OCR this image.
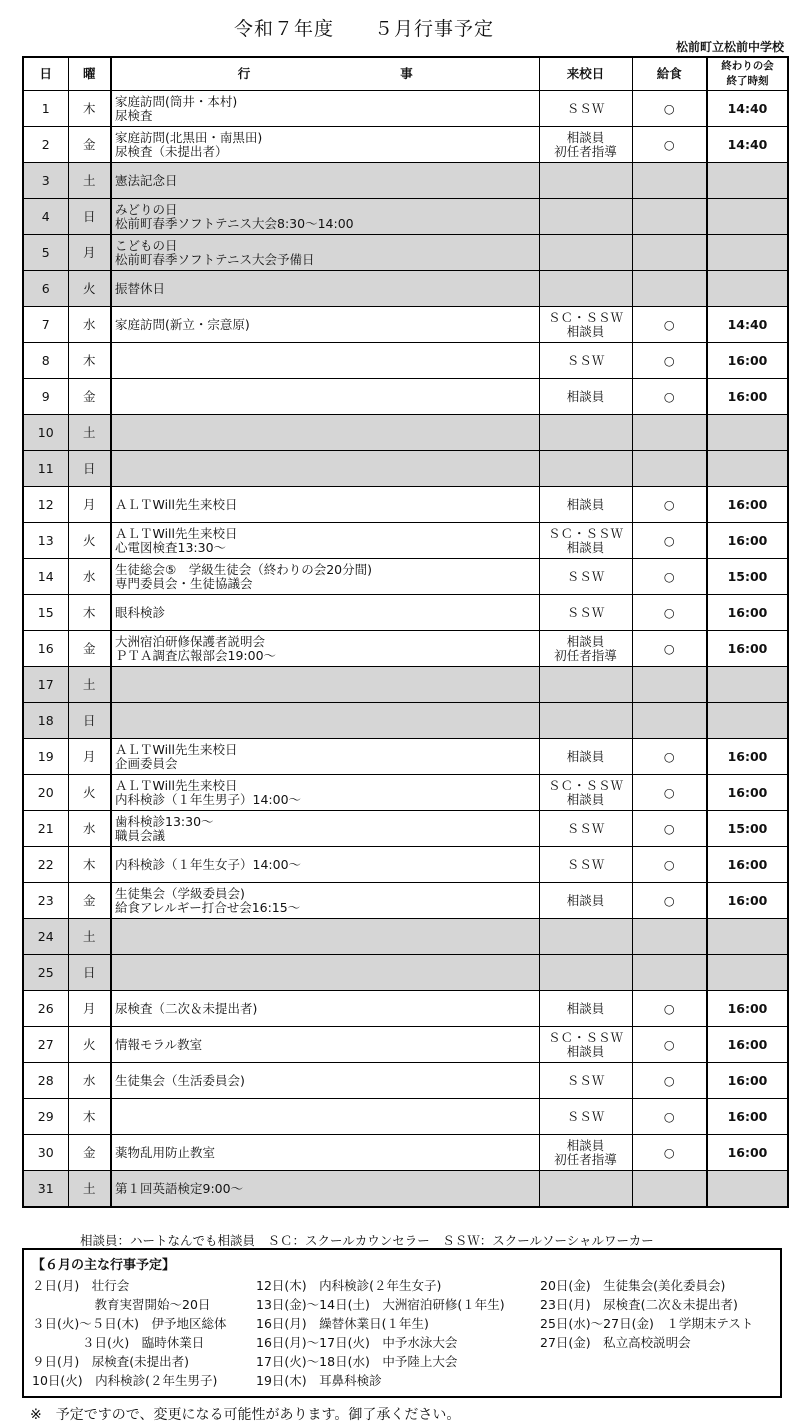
令和７年度　　５月行事予定
松前町立松前中学校
日	曜	行　　　　　　　　　　　　事	来校日	給食	終わりの会
終了時刻

1	木	家庭訪問(筒井・本村)
尿検査	ＳＳＷ	○	14:40
2	金	家庭訪問(北黒田・南黒田)
尿検査（未提出者）	相談員
初任者指導	○	14:40
3	土	憲法記念日			

4	日	みどりの日
松前町春季ソフトテニス大会8:30～14:00			

5	月	こどもの日
松前町春季ソフトテニス大会予備日			

6	火	振替休日			

7	水	家庭訪問(新立・宗意原)	ＳＣ・ＳＳＷ
相談員	○	14:40
8	木		ＳＳＷ	○	16:00
9	金		相談員	○	16:00
10	土				
11	日				
12	月	ＡＬＴWill先生来校日	相談員	○	16:00
13	火	ＡＬＴWill先生来校日
心電図検査13:30～	ＳＣ・ＳＳＷ
相談員	○	16:00
14	水	生徒総会⑤　学級生徒会（終わりの会20分間)
専門委員会・生徒協議会	ＳＳＷ	○	15:00
15	木	眼科検診	ＳＳＷ	○	16:00
16	金	大洲宿泊研修保護者説明会
ＰＴＡ調査広報部会19:00～	相談員
初任者指導	○	16:00
17	土				
18	日				
19	月	ＡＬＴWill先生来校日
企画委員会	相談員	○	16:00
20	火	ＡＬＴWill先生来校日
内科検診（１年生男子）14:00～	ＳＣ・ＳＳＷ
相談員	○	16:00
21	水	歯科検診13:30～
職員会議	ＳＳＷ	○	15:00
22	木	内科検診（１年生女子）14:00～	ＳＳＷ	○	16:00
23	金	生徒集会（学級委員会)
給食アレルギー打合せ会16:15～	相談員	○	16:00
24	土				
25	日				
26	月	尿検査（二次＆未提出者)	相談員	○	16:00
27	火	情報モラル教室	ＳＣ・ＳＳＷ
相談員	○	16:00
28	水	生徒集会（生活委員会)	ＳＳＷ	○	16:00
29	木		ＳＳＷ	○	16:00
30	金	薬物乱用防止教室	相談員
初任者指導	○	16:00
31	土	第１回英語検定9:00～			

相談員：ハートなんでも相談員　ＳＣ：スクールカウンセラー　ＳＳＷ：スクールソーシャルワーカー
【６月の主な行事予定】
２日(月)　壮行会
　　　　　教育実習開始～20日
３日(火)～５日(木)　伊予地区総体
　　　　３日(火)　臨時休業日
９日(月)　尿検査(未提出者)
10日(火)　内科検診(２年生男子)
12日(木)　内科検診(２年生女子)
13日(金)～14日(土)　大洲宿泊研修(１年生)
16日(月)　繰替休業日(１年生)
16日(月)～17日(火)　中予水泳大会
17日(火)～18日(水)　中予陸上大会
19日(木)　耳鼻科検診
20日(金)　生徒集会(美化委員会)
23日(月)　尿検査(二次＆未提出者)
25日(水)～27日(金)　１学期末テスト
27日(金)　私立高校説明会
※　予定ですので、変更になる可能性があります。御了承ください。
